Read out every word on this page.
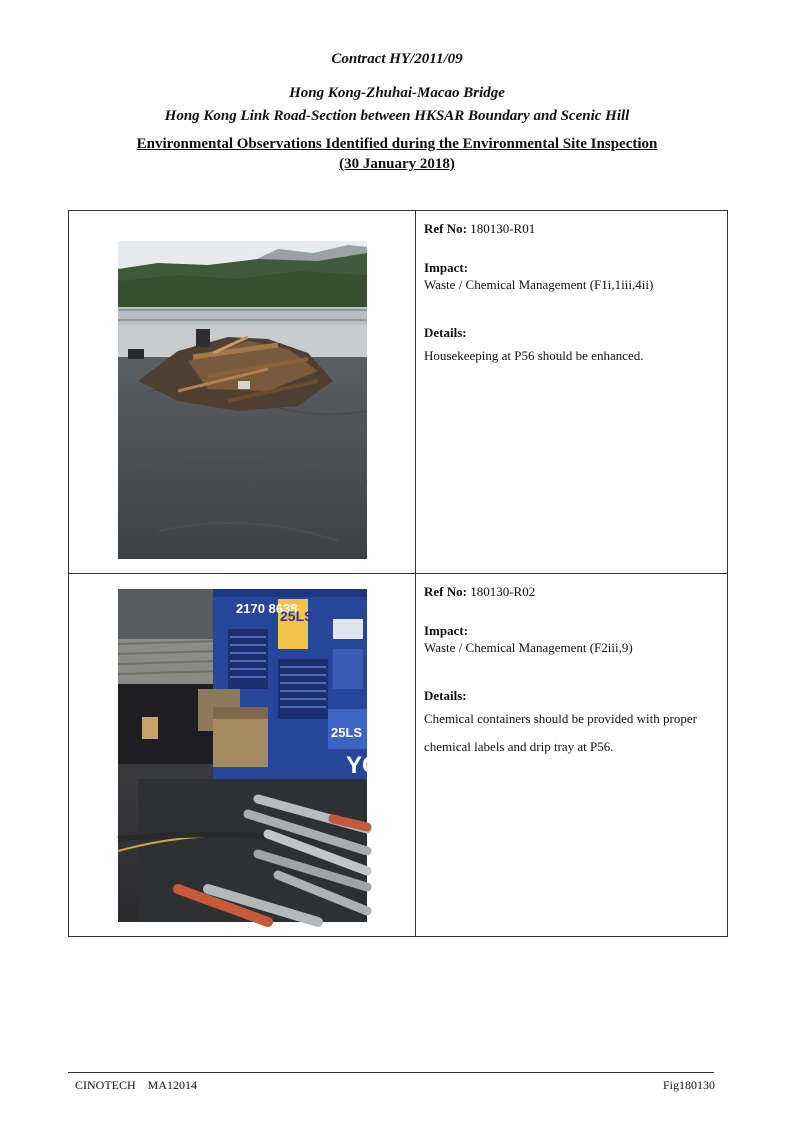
Contract HY/2011/09
Hong Kong-Zhuhai-Macao Bridge
Hong Kong Link Road-Section between HKSAR Boundary and Scenic Hill
Environmental Observations Identified during the Environmental Site Inspection
(30 January 2018)
Ref No: 180130-R01
Impact:
Waste / Chemical Management (F1i,1iii,4ii)
Details:
Housekeeping at P56 should be enhanced.
2170 8638
25LS
25LS
YC
Ref No: 180130-R02
Impact:
Waste / Chemical Management (F2iii,9)
Details:
Chemical containers should be provided with proper
chemical labels and drip tray at P56.
CINOTECH MA12014	Fig180130
